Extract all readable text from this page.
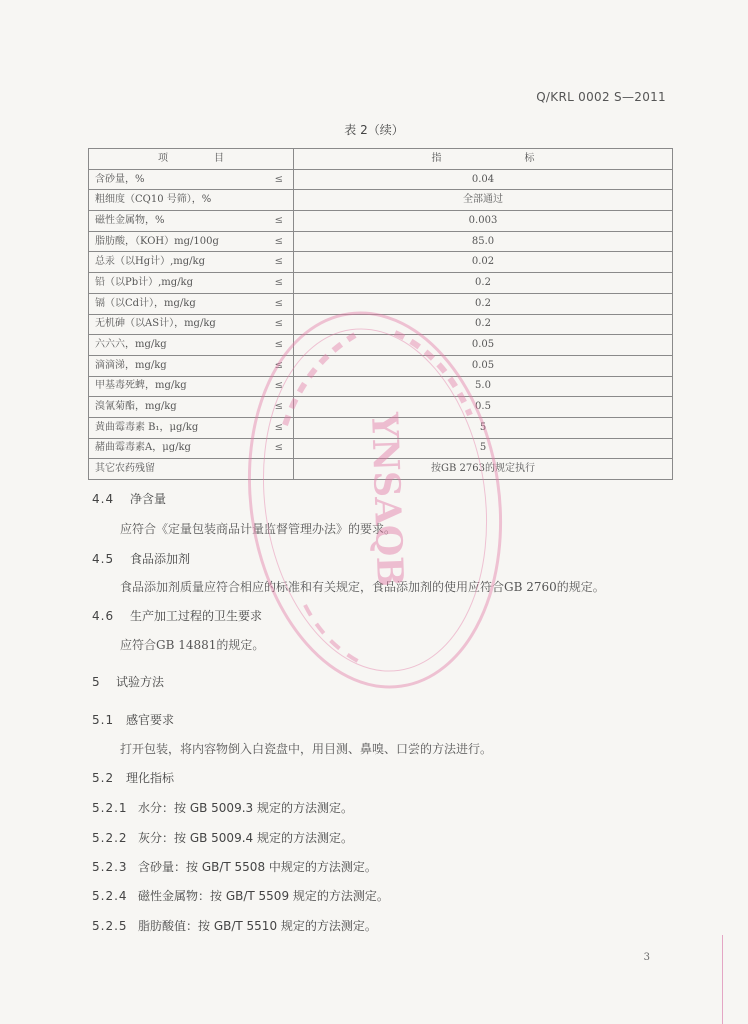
Q/KRL 0002 S—2011
表 2（续）
项 目	指 标

含砂量，% ≤	0.04
粗细度（CQ10 号筛），%	全部通过
磁性金属物，% ≤	0.003
脂肪酸，（KOH）mg/100g ≤	85.0
总汞（以Hg计）,mg/kg ≤	0.02
铅（以Pb计）,mg/kg ≤	0.2
镉（以Cd计），mg/kg ≤	0.2
无机砷（以AS计），mg/kg ≤	0.2
六六六，mg/kg ≤	0.05
滴滴涕，mg/kg ≤	0.05
甲基毒死蜱，mg/kg ≤	5.0
溴氰菊酯，mg/kg ≤	0.5
黄曲霉毒素 B₁，μg/kg ≤	5
赭曲霉毒素A，μg/kg ≤	5
其它农药残留	按GB 2763的规定执行
4.4 净含量
应符合《定量包装商品计量监督管理办法》的要求。
4.5 食品添加剂
食品添加剂质量应符合相应的标准和有关规定，食品添加剂的使用应符合GB 2760的规定。
4.6 生产加工过程的卫生要求
应符合GB 14881的规定。
5 试验方法
5.1 感官要求
打开包装，将内容物倒入白瓷盘中，用目测、鼻嗅、口尝的方法进行。
5.2 理化指标
5.2.1 水分：按 GB 5009.3 规定的方法测定。
5.2.2 灰分：按 GB 5009.4 规定的方法测定。
5.2.3 含砂量：按 GB/T 5508 中规定的方法测定。
5.2.4 磁性金属物：按 GB/T 5509 规定的方法测定。
5.2.5 脂肪酸值：按 GB/T 5510 规定的方法测定。
3
YNSAQB
